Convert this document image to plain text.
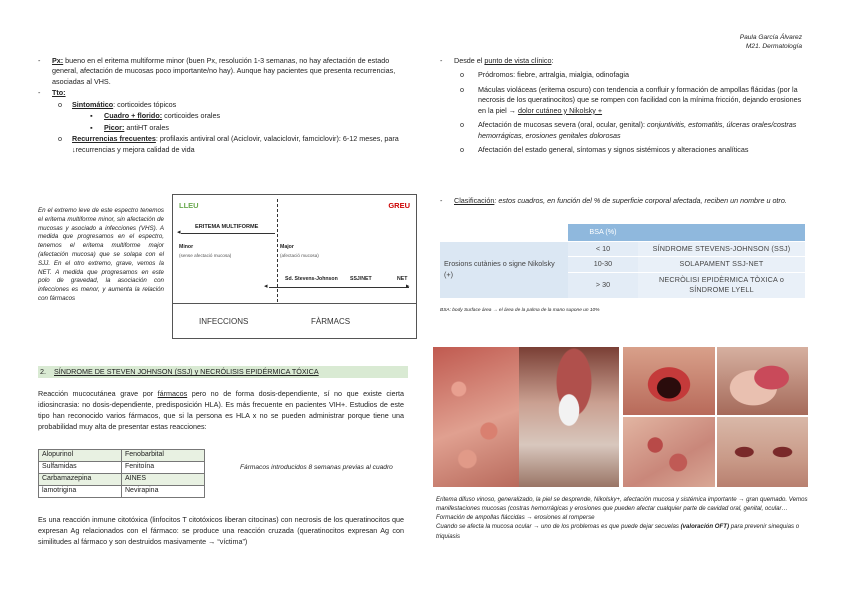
Paula García Álvarez
M21. Dermatología
- Px: bueno en el eritema multiforme minor (buen Px, resolución 1-3 semanas, no hay afectación de estado general, afectación de mucosas poco importante/no hay). Aunque hay pacientes que presenta recurrencias, asociadas al VHS.
- Tto:
o Sintomático: corticoides tópicos
▪ Cuadro + florido: corticoides orales
▪ Picor: antiHT orales
o Recurrencias frecuentes: profilaxis antiviral oral (Aciclovir, valaciclovir, famciclovir): 6-12 meses, para ↓recurrencias y mejora calidad de vida
En el extremo leve de este espectro tenemos el eritema multiforme minor, sin afectación de mucosas y asociado a infecciones (VHS). A medida que progresamos en el espectro, tenemos el eritema multiforme major (afectación mucosa) que se solapa con el SJJ. En el otro extremo, grave, vemos la NET. A medida que progresamos en este polo de gravedad, la asociación con infecciones es menor, y aumenta la relación con fármacos
LLEU	GREU
ERITEMA MULTIFORME
◂
Minor
(sense afectació mucosa)
Major
(afectació mucosa)
Sd. Stevens-Johnson SSJ/NET	NET
◂	▸
INFECCIONS	FÀRMACS
- Desde el punto de vista clínico:
o Pródromos: fiebre, artralgia, mialgia, odinofagia
o Máculas violáceas (eritema oscuro) con tendencia a confluir y formación de ampollas flácidas (por la necrosis de los queratinocitos) que se rompen con facilidad con la mínima fricción, dejando erosiones en la piel → dolor cutáneo y Nikolsky +
o Afectación de mucosas severa (oral, ocular, genital): conjuntivitis, estomatitis, úlceras orales/costras hemorrágicas, erosiones genitales dolorosas
o Afectación del estado general, síntomas y signos sistémicos y alteraciones analíticas
- Clasificación: estos cuadros, en función del % de superficie corporal afectada, reciben un nombre u otro.
	BSA (%)	
Erosions cutànies o signe Nikolsky (+)	< 10	SÍNDROME STEVENS-JOHNSON (SSJ)
	10-30	SOLAPAMENT SSJ-NET
	> 30	NECRÒLISI EPIDÈRMICA TÒXICA o SÍNDROME LYELL
BSA: body Surface área → el área de la palma de la mano supone un 10%
2. SÍNDROME DE STEVEN JOHNSON (SSJ) y NECRÓLISIS EPIDÉRMICA TÓXICA
Reacción mucocutánea grave por fármacos pero no de forma dosis-dependiente, sí no que existe cierta idiosincrasia: no dosis-dependiente, predisposición HLA). Es más frecuente en pacientes VIH+. Estudios de este tipo han reconocido varios fármacos, que si la persona es HLA x no se pueden administrar porque tiene una probabilidad muy alta de presentar estas reacciones:
Alopurinol	Fenobarbital
Sulfamidas	Fenitoína
Carbamazepina	AINES
lamotrigina	Nevirapina
Fármacos introducidos 8 semanas previas al cuadro
Es una reacción inmune citotóxica (linfocitos T citotóxicos liberan citocinas) con necrosis de los queratinocitos que expresan Ag relacionados con el fármaco: se produce una reacción cruzada (queratinocitos expresan Ag con similitudes al fármaco y son destruidos masivamente → “víctima”)
Eritema difuso vinoso, generalizado, la piel se desprende, Nikolsky+, afectación mucosa y sistémica importante → gran quemado. Vemos manifestaciones mucosas (costras hemorrágicas y erosiones que pueden afectar cualquier parte de cavidad oral, genital, ocular…
Formación de ampollas fláccidas → erosiones al romperse
Cuando se afecta la mucosa ocular → uno de los problemas es que puede dejar secuelas (valoración OFT) para prevenir sinequias o triquiasis
